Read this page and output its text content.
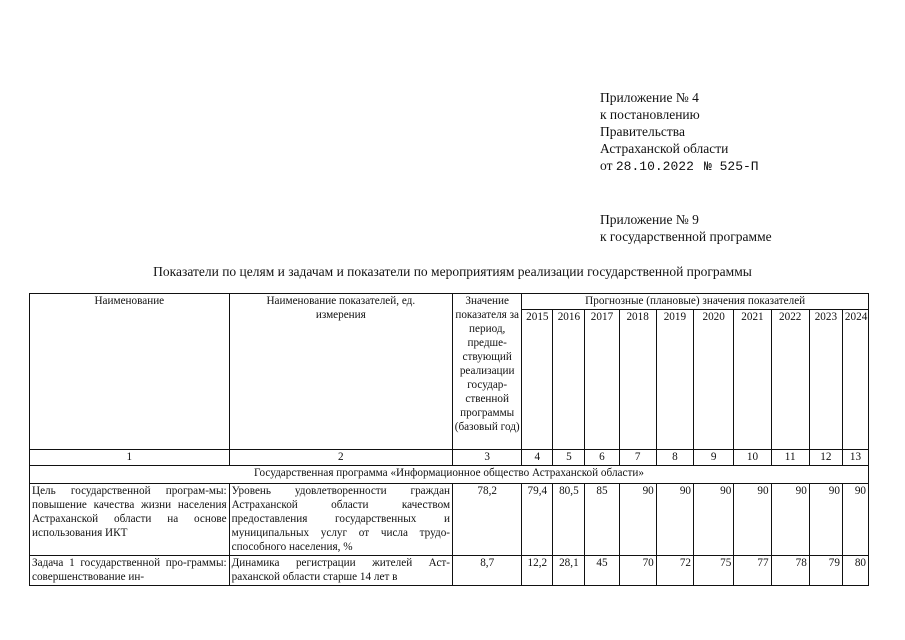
Приложение № 4
к постановлению
Правительства
Астраханской области
от 28.10.2022 № 525-П
Приложение № 9
к государственной программе
Показатели по целям и задачам и показатели по мероприятиям реализации государственной программы
Наименование	Наименование показателей, ед. измерения	Значение показателя за период, предше-ствующий реализации государ-ственной программы (базовый год)	Прогнозные (плановые) значения показателей									
			2015	2016	2017	2018	2019	2020	2021	2022	2023	2024
1	2	3	4	5	6	7	8	9	10	11	12	13
Государственная программа «Информационное общество Астраханской области»												
Цель государственной програм-мы: повышение качества жизни населения Астраханской области на основе использования ИКТ	Уровень удовлетворенности граждан Астраханской области качеством предоставления государственных и муниципальных услуг от числа трудо-способного населения, %	78,2	79,4	80,5	85	90	90	90	90	90	90	90
Задача 1 государственной про-граммы: совершенствование ин-	Динамика регистрации жителей Аст-раханской области старше 14 лет в	8,7	12,2	28,1	45	70	72	75	77	78	79	80
